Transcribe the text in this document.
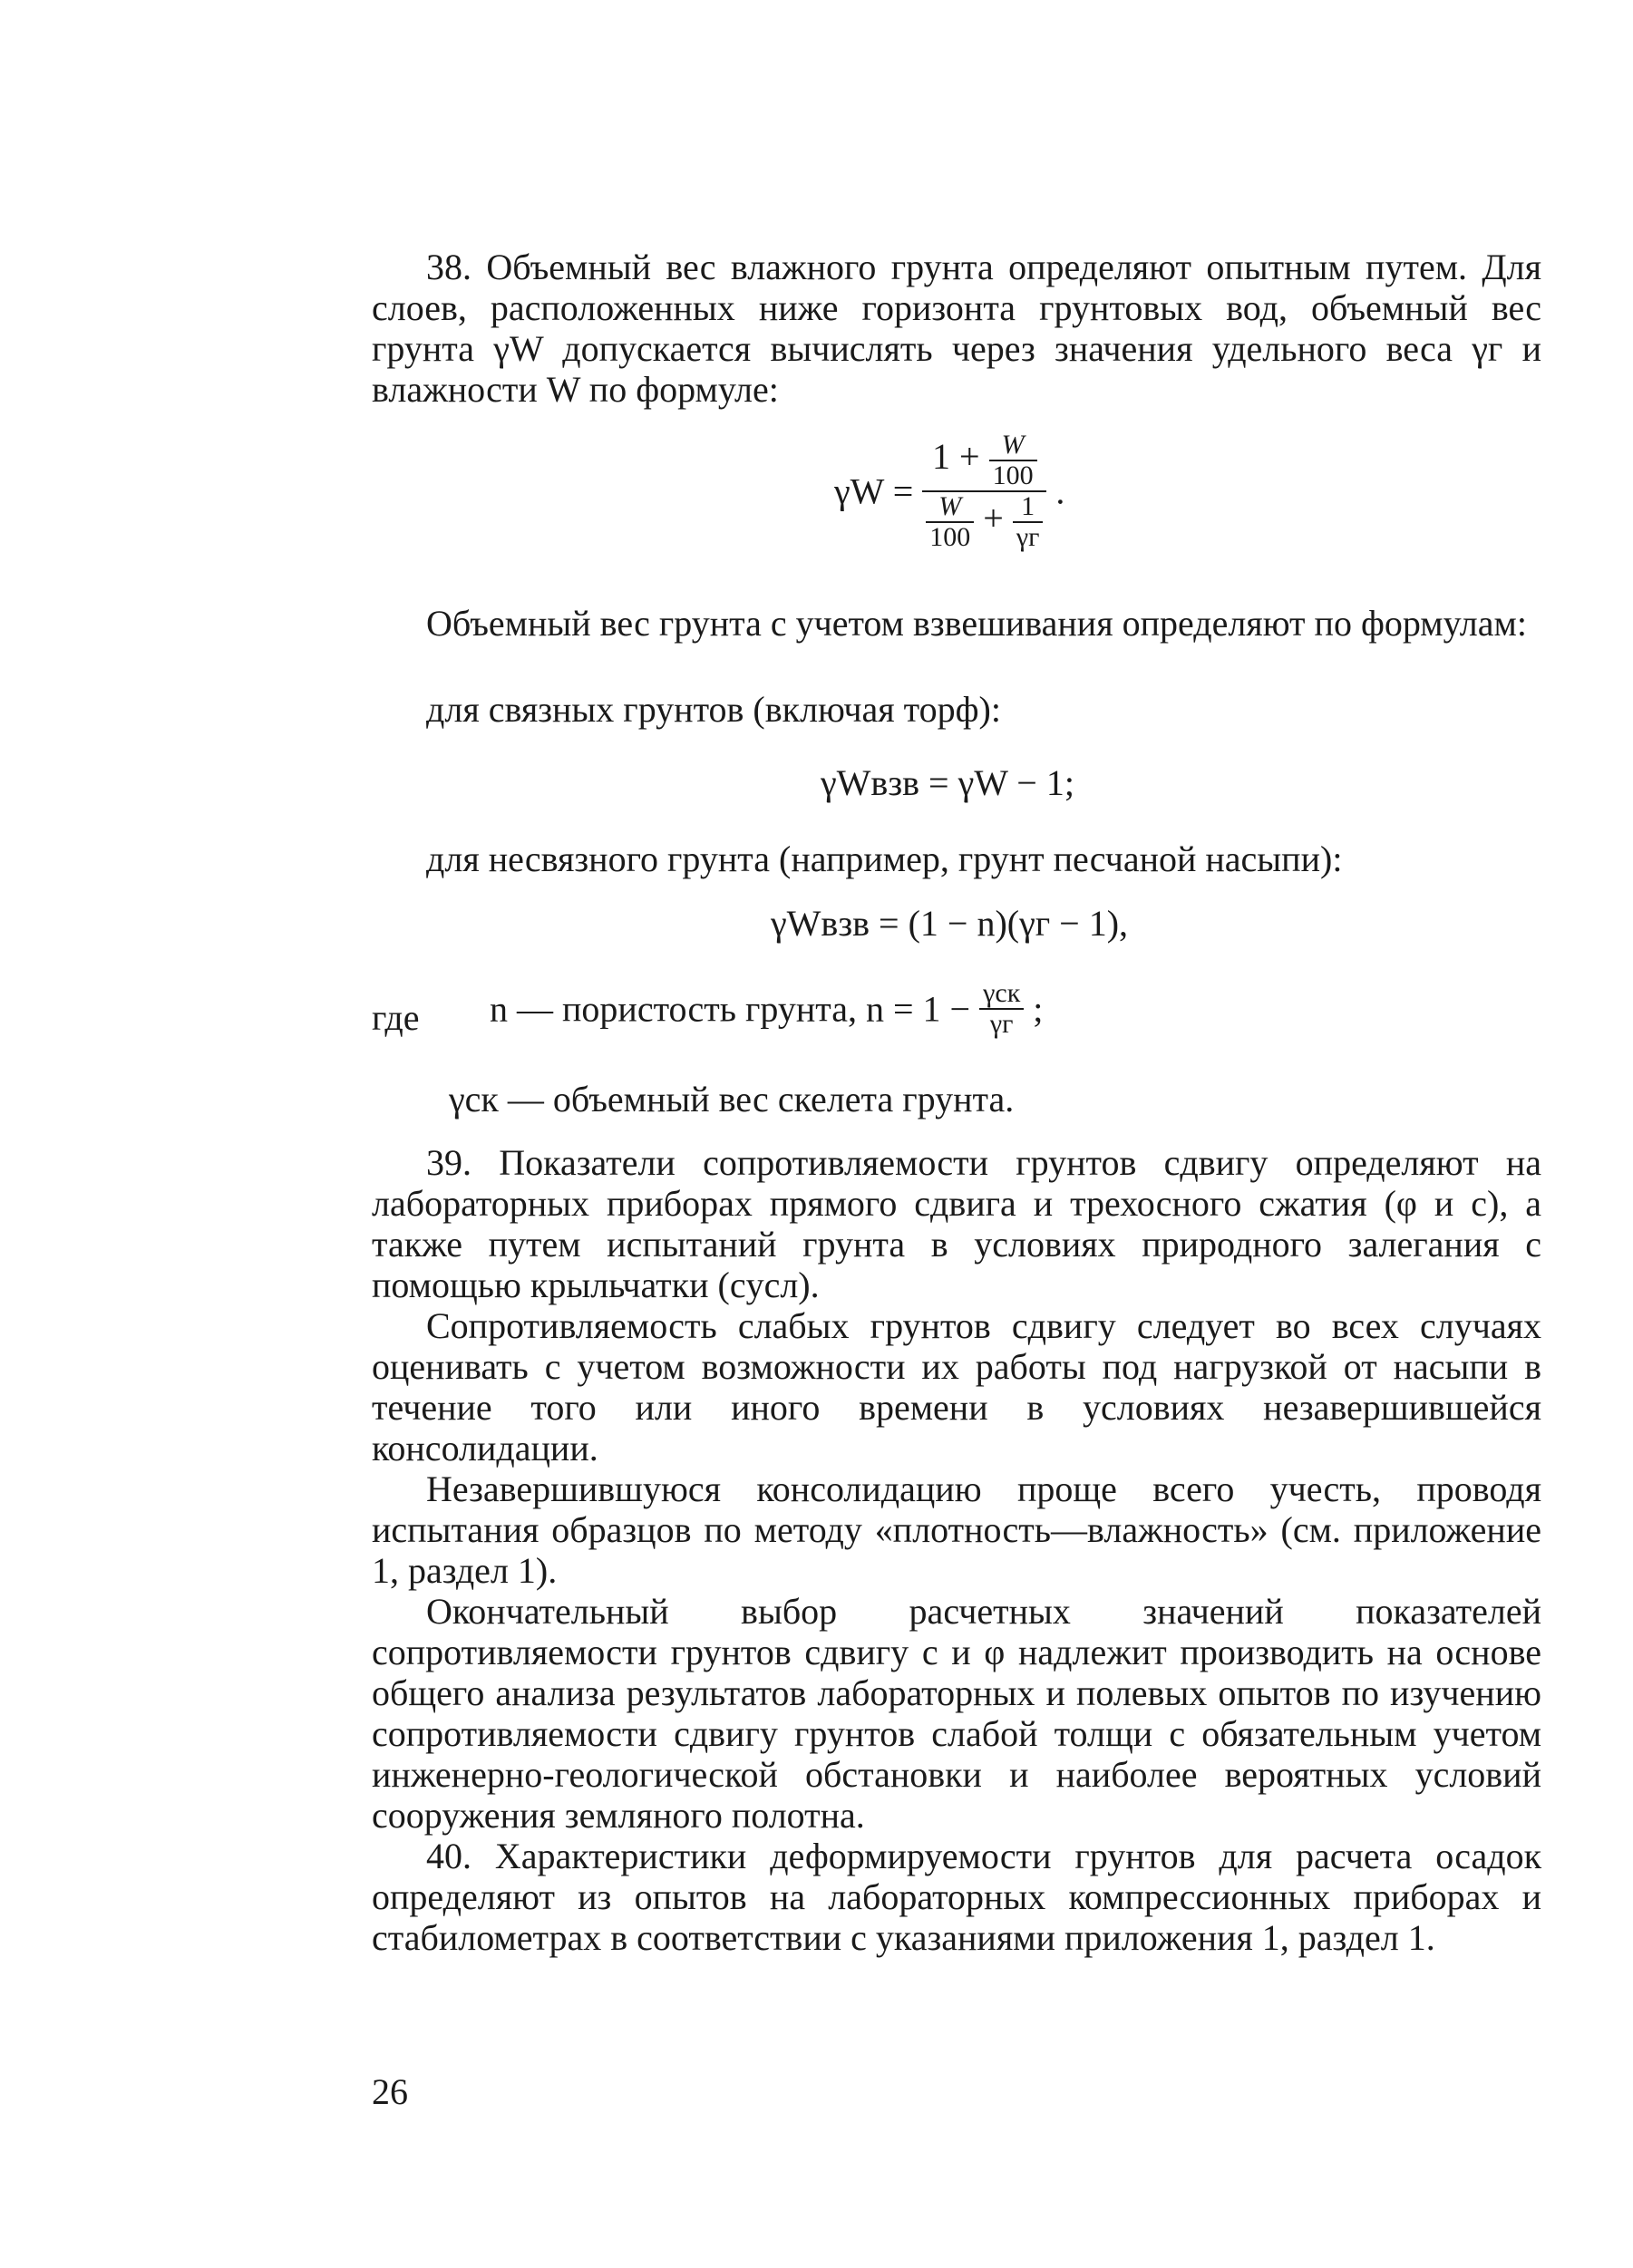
38. Объемный вес влажного грунта определяют опытным путем. Для слоев, расположенных ниже горизонта грунтовых вод, объемный вес грунта γW допускается вычислять через значения удельного веса γг и влажности W по формуле:

$\gamma W = \frac{1 + \frac{W}{100}}{\frac{W}{100} + \frac{1}{\gamma г}}$ .

Объемный вес грунта с учетом взвешивания определяют по формулам:

для связных грунтов (включая торф):
γWвзв = γW − 1;
для несвязного грунта (например, грунт песчаной насыпи):
γWвзв = (1 − n)(γг − 1),
где n — пористость грунта, $n = 1 - \frac{\text{γск}}{\gamma г}$ ;
γск — объемный вес скелета грунта.

39. Показатели сопротивляемости грунтов сдвигу определяют на лабораторных приборах прямого сдвига и трехосного сжатия (φ и c), а также путем испытаний грунта в условиях природного залегания с помощью крыльчатки (cусл).

Сопротивляемость слабых грунтов сдвигу следует во всех случаях оценивать с учетом возможности их работы под нагрузкой от насыпи в течение того или иного времени в условиях незавершившейся консолидации.

Незавершившуюся консолидацию проще всего учесть, проводя испытания образцов по методу «плотность—влажность» (см. приложение 1, раздел 1).

Окончательный выбор расчетных значений показателей сопротивляемости грунтов сдвигу c и φ надлежит производить на основе общего анализа результатов лабораторных и полевых опытов по изучению сопротивляемости сдвигу грунтов слабой толщи с обязательным учетом инженерно-геологической обстановки и наиболее вероятных условий сооружения земляного полотна.

40. Характеристики деформируемости грунтов для расчета осадок определяют из опытов на лабораторных компрессионных приборах и стабилометрах в соответствии с указаниями приложения 1, раздел 1.

26
